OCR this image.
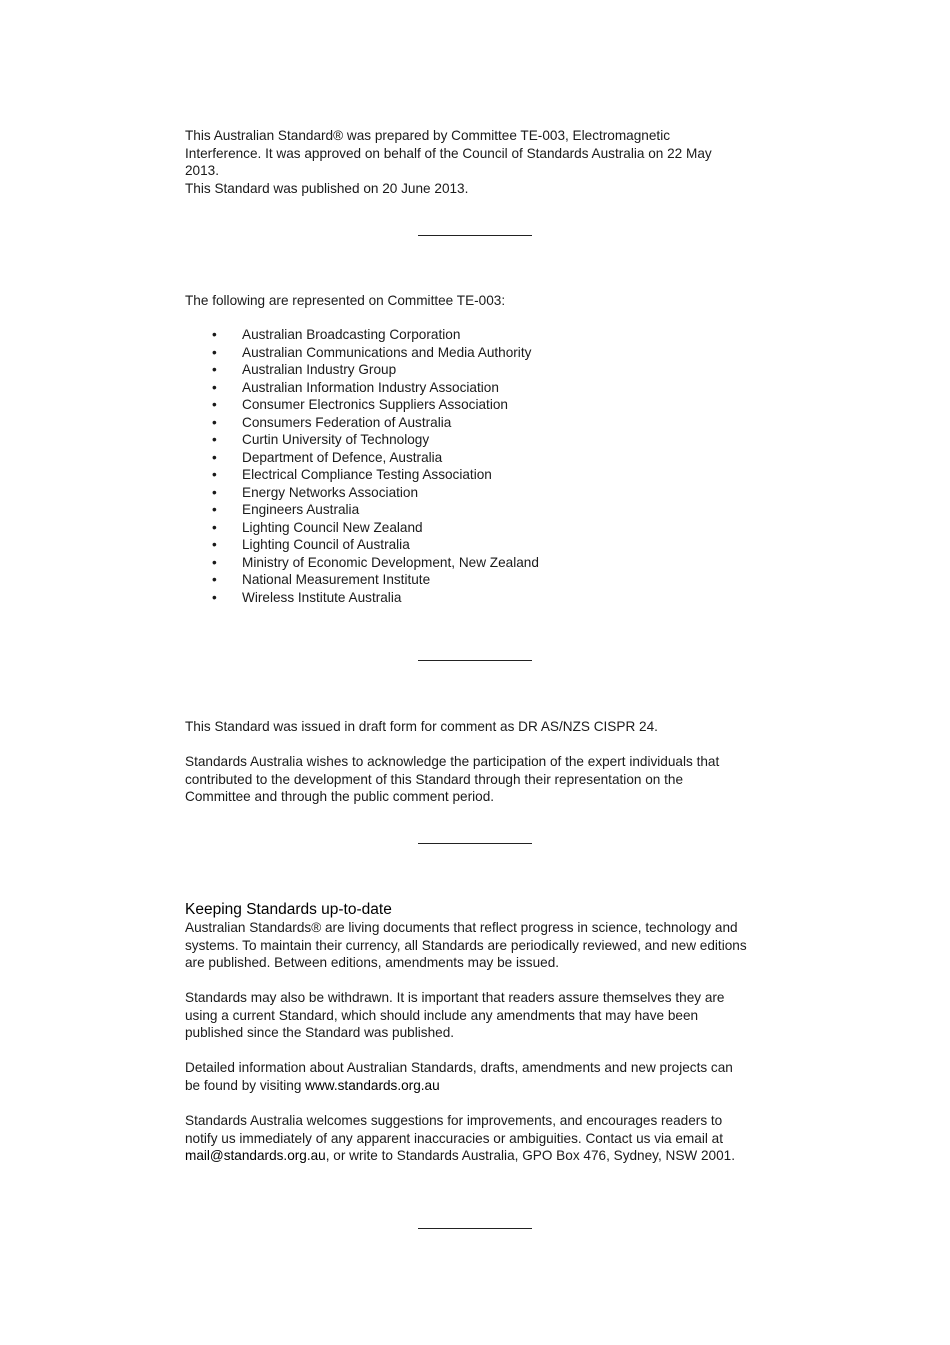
This Australian Standard® was prepared by Committee TE-003, Electromagnetic
Interference. It was approved on behalf of the Council of Standards Australia on 22 May
2013.
This Standard was published on 20 June 2013.
The following are represented on Committee TE-003:
• Australian Broadcasting Corporation
• Australian Communications and Media Authority
• Australian Industry Group
• Australian Information Industry Association
• Consumer Electronics Suppliers Association
• Consumers Federation of Australia
• Curtin University of Technology
• Department of Defence, Australia
• Electrical Compliance Testing Association
• Energy Networks Association
• Engineers Australia
• Lighting Council New Zealand
• Lighting Council of Australia
• Ministry of Economic Development, New Zealand
• National Measurement Institute
• Wireless Institute Australia
This Standard was issued in draft form for comment as DR AS/NZS CISPR 24.
Standards Australia wishes to acknowledge the participation of the expert individuals that
contributed to the development of this Standard through their representation on the
Committee and through the public comment period.
Keeping Standards up-to-date
Australian Standards® are living documents that reflect progress in science, technology and
systems. To maintain their currency, all Standards are periodically reviewed, and new editions
are published. Between editions, amendments may be issued.
Standards may also be withdrawn. It is important that readers assure themselves they are
using a current Standard, which should include any amendments that may have been
published since the Standard was published.
Detailed information about Australian Standards, drafts, amendments and new projects can
be found by visiting www.standards.org.au
Standards Australia welcomes suggestions for improvements, and encourages readers to
notify us immediately of any apparent inaccuracies or ambiguities. Contact us via email at
mail@standards.org.au, or write to Standards Australia, GPO Box 476, Sydney, NSW 2001.
